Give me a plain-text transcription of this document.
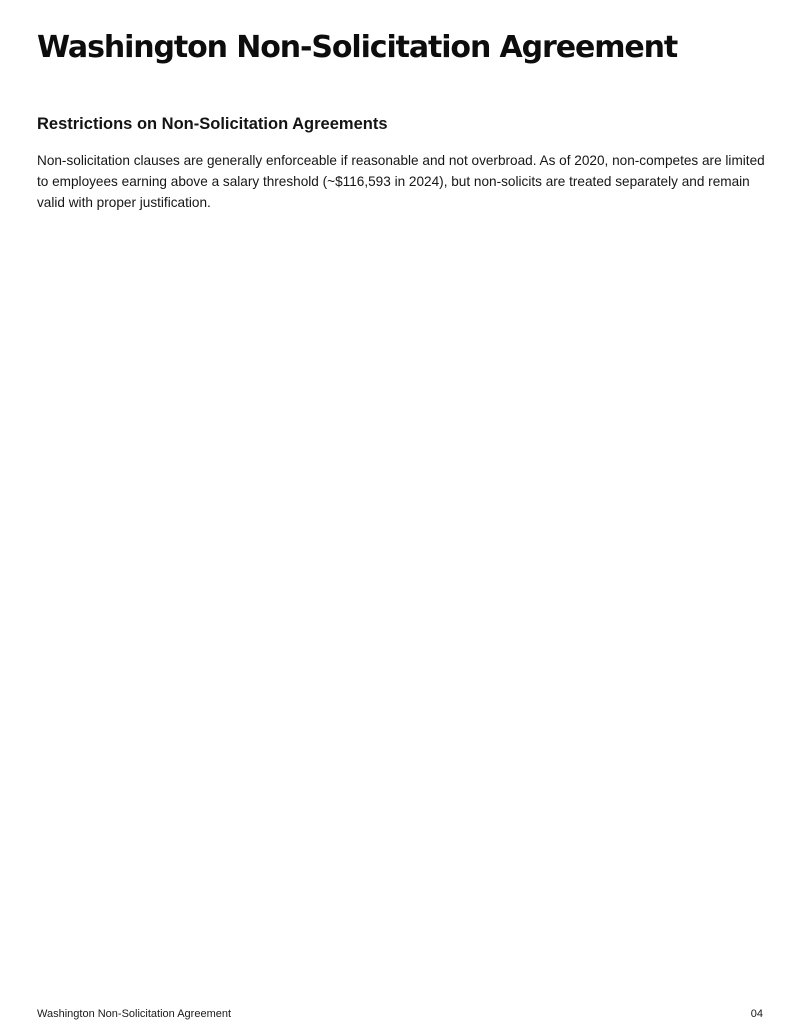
Washington Non-Solicitation Agreement
Restrictions on Non-Solicitation Agreements

Non-solicitation clauses are generally enforceable if reasonable and not overbroad. As of 2020, non-competes are limited to employees earning above a salary threshold (~$116,593 in 2024), but non-solicits are treated separately and remain valid with proper justification.

Washington Non-Solicitation Agreement	04
